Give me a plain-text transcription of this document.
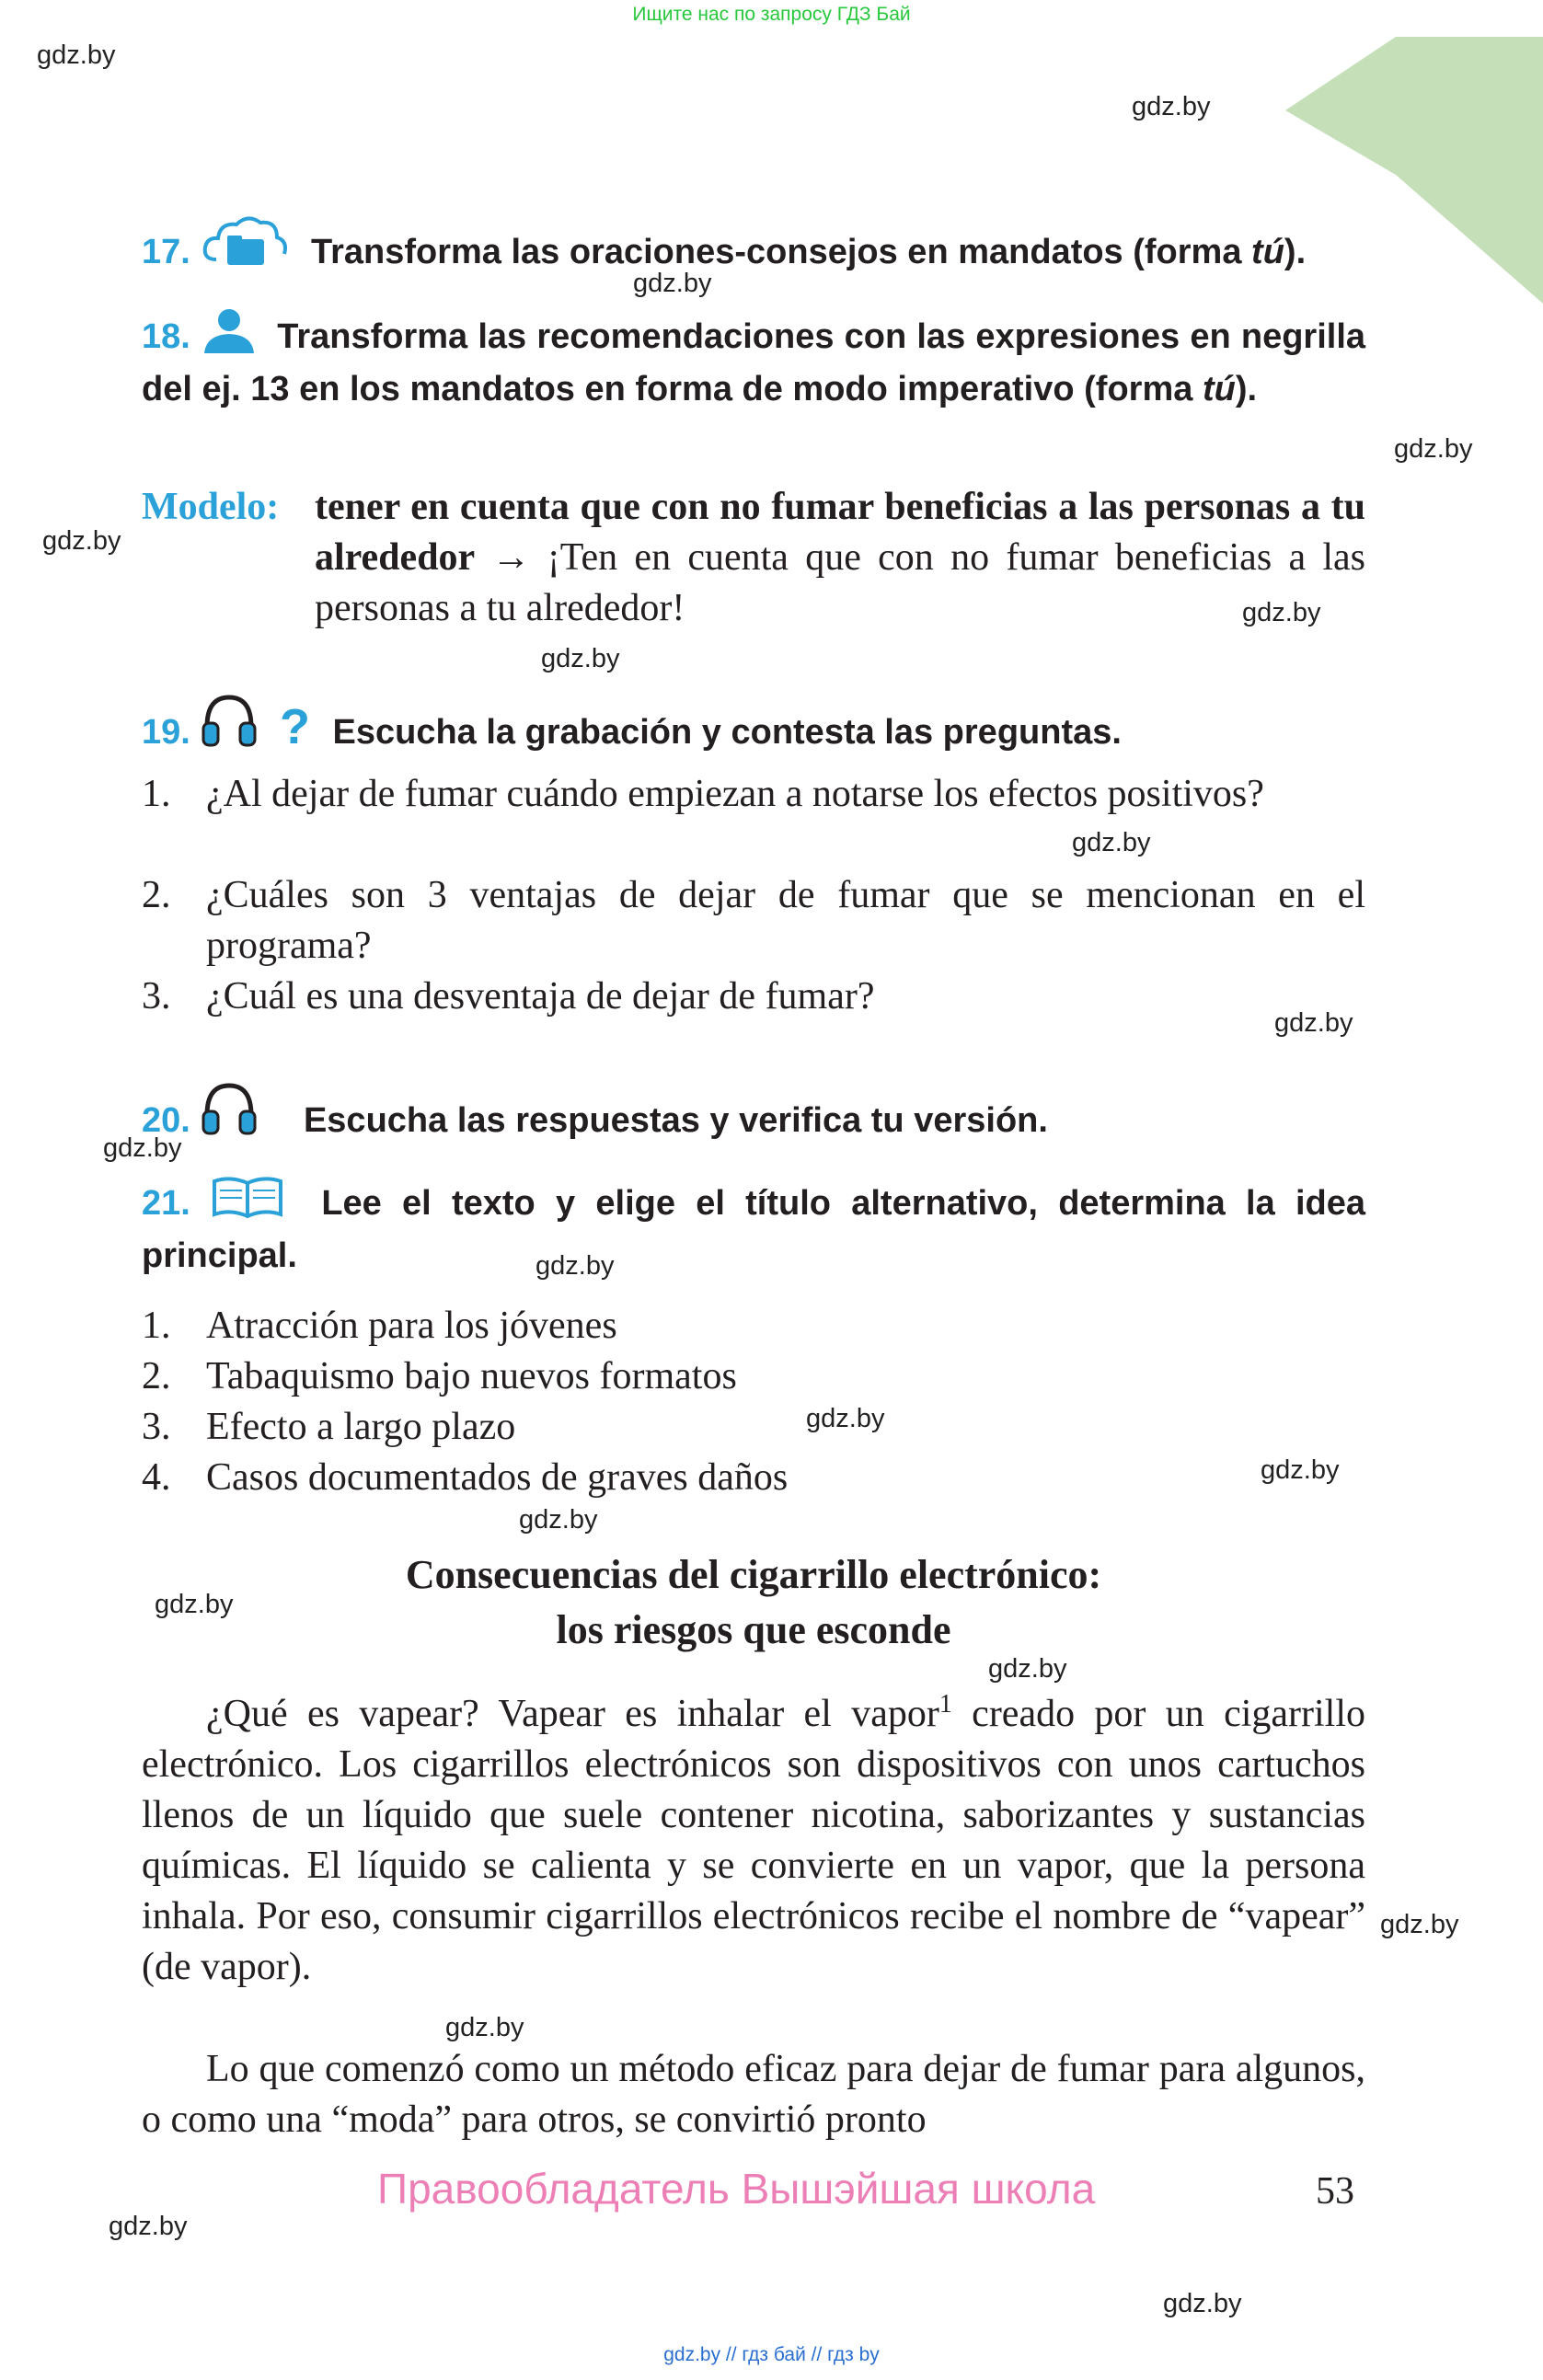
Ищите нас по запросу ГДЗ Бай
gdz.by
gdz.by
gdz.by
gdz.by
gdz.by
gdz.by
gdz.by
gdz.by
gdz.by
gdz.by
gdz.by
gdz.by
gdz.by
gdz.by
gdz.by
gdz.by
gdz.by
gdz.by
gdz.by
gdz.by
17.	Transforma las oraciones-consejos en mandatos (forma tú).
18. Transforma las recomendaciones con las expresiones en negrilla del ej. 13 en los mandatos en forma de modo imperativo (forma tú).
Modelo: tener en cuenta que con no fumar beneficias a las personas a tu alrededor → ¡Ten en cuenta que con no fumar beneficias a las personas a tu alrededor!
19. ? Escucha la grabación y contesta las preguntas.
1. ¿Al dejar de fumar cuándo empiezan a notarse los efectos positivos?
2. ¿Cuáles son 3 ventajas de dejar de fumar que se mencionan en el programa?
3. ¿Cuál es una desventaja de dejar de fumar?
20.	Escucha las respuestas y verifica tu versión.
21.	Lee el texto y elige el título alternativo, determina la idea principal.
1. Atracción para los jóvenes
2. Tabaquismo bajo nuevos formatos
3. Efecto a largo plazo
4. Casos documentados de graves daños
Consecuencias del cigarrillo electrónico:
los riesgos que esconde
¿Qué es vapear? Vapear es inhalar el vapor$^1$ creado por un cigarrillo electrónico. Los cigarrillos electrónicos son dispositivos con unos cartuchos llenos de un líquido que suele contener nicotina, saborizantes y sustancias químicas. El líquido se calienta y se convierte en un vapor, que la persona inhala. Por eso, consumir cigarrillos electrónicos recibe el nombre de “vapear” (de vapor).
Lo que comenzó como un método eficaz para dejar de fumar para algunos, o como una “moda” para otros, se convirtió pronto
Правообладатель Вышэйшая школа	53
gdz.by // гдз бай // гдз by
